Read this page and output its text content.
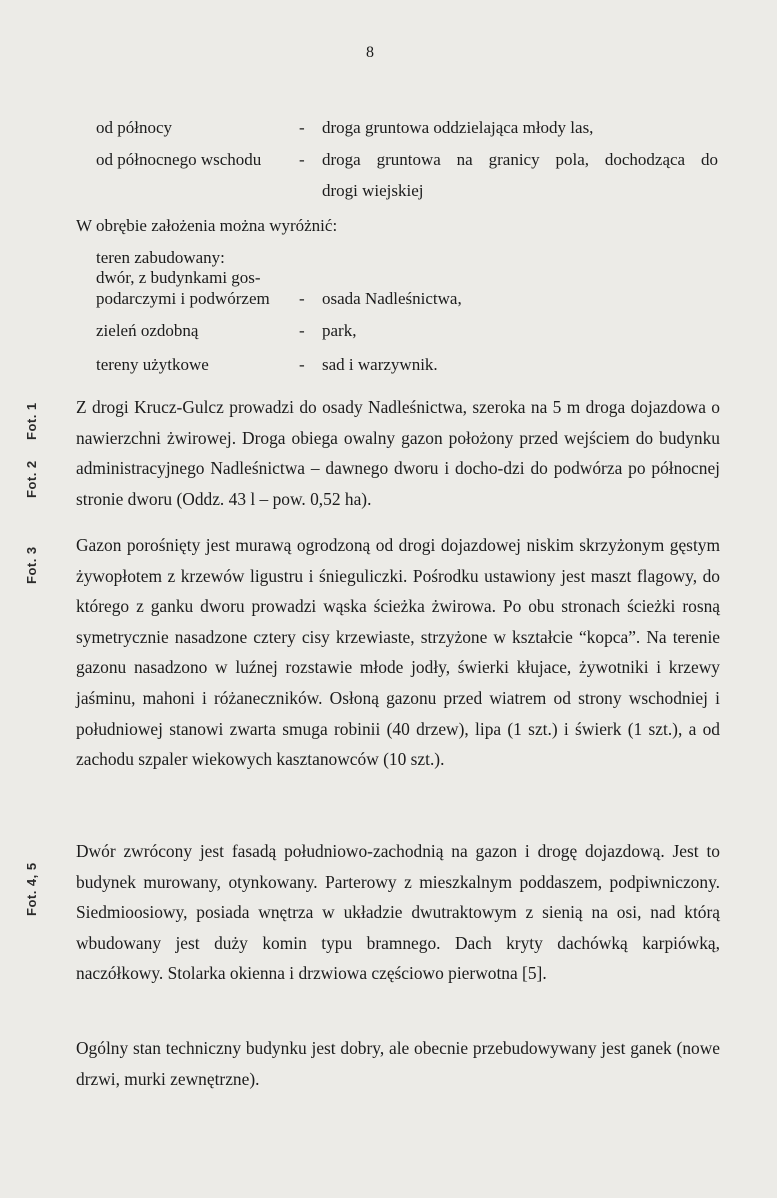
8
od północy	- droga gruntowa oddzielająca młody las,
od północnego wschodu - droga gruntowa na granicy pola, dochodząca do
drogi wiejskiej
W obrębie założenia można wyróżnić:
teren zabudowany:
dwór, z budynkami gos-
podarczymi i podwórzem - osada Nadleśnictwa,
zieleń ozdobną	- park,
tereny użytkowe	- sad i warzywnik.

Z drogi Krucz-Gulcz prowadzi do osady Nadleśnictwa, szeroka na 5 m droga dojazdowa o nawierzchni żwirowej. Droga obiega owalny gazon położony przed wejściem do budynku administracyjnego Nadleśnictwa – dawnego dworu i docho-dzi do podwórza po północnej stronie dworu (Oddz. 43 l – pow. 0,52 ha).

Gazon porośnięty jest murawą ogrodzoną od drogi dojazdowej niskim skrzyżonym gęstym żywopłotem z krzewów ligustru i śnieguliczki. Pośrodku ustawiony jest maszt flagowy, do którego z ganku dworu prowadzi wąska ścieżka żwirowa. Po obu stronach ścieżki rosną symetrycznie nasadzone cztery cisy krzewiaste, strzyżone w kształcie “kopca”. Na terenie gazonu nasadzono w luźnej rozstawie młode jodły, świerki kłujace, żywotniki i krzewy jaśminu, mahoni i różaneczników. Osłoną gazonu przed wiatrem od strony wschodniej i południowej stanowi zwarta smuga robinii (40 drzew), lipa (1 szt.) i świerk (1 szt.), a od zachodu szpaler wiekowych kasztanowców (10 szt.).

Dwór zwrócony jest fasadą południowo-zachodnią na gazon i drogę dojazdową. Jest to budynek murowany, otynkowany. Parterowy z mieszkalnym poddaszem, podpiwniczony. Siedmioosiowy, posiada wnętrza w układzie dwutraktowym z sienią na osi, nad którą wbudowany jest duży komin typu bramnego. Dach kryty dachówką karpiówką, naczółkowy. Stolarka okienna i drzwiowa częściowo pierwotna [5].

Ogólny stan techniczny budynku jest dobry, ale obecnie przebudowywany jest ganek (nowe drzwi, murki zewnętrzne).

Fot. 1
Fot. 2
Fot. 3
Fot. 4, 5
